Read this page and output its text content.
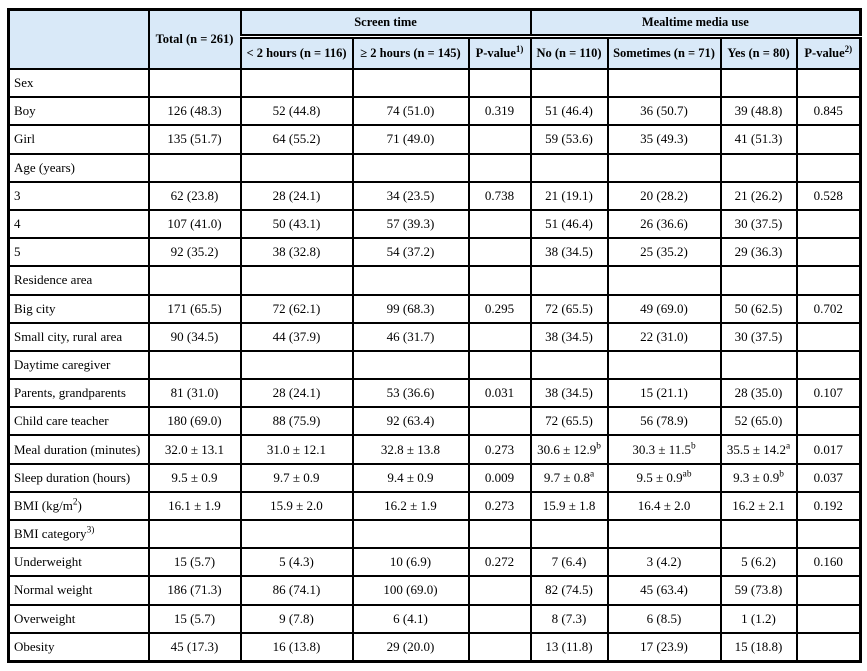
	Total (n = 261)	Screen time			Mealtime media use			
		< 2 hours (n = 116)	≥ 2 hours (n = 145)	P-value$^{1)}$	No (n = 110)	Sometimes (n = 71)	Yes (n = 80)	P-value$^{2)}$
Sex								
Boy	126 (48.3)	52 (44.8)	74 (51.0)	0.319	51 (46.4)	36 (50.7)	39 (48.8)	0.845
Girl	135 (51.7)	64 (55.2)	71 (49.0)		59 (53.6)	35 (49.3)	41 (51.3)	
Age (years)								
3	62 (23.8)	28 (24.1)	34 (23.5)	0.738	21 (19.1)	20 (28.2)	21 (26.2)	0.528
4	107 (41.0)	50 (43.1)	57 (39.3)		51 (46.4)	26 (36.6)	30 (37.5)	
5	92 (35.2)	38 (32.8)	54 (37.2)		38 (34.5)	25 (35.2)	29 (36.3)	
Residence area								
Big city	171 (65.5)	72 (62.1)	99 (68.3)	0.295	72 (65.5)	49 (69.0)	50 (62.5)	0.702
Small city, rural area	90 (34.5)	44 (37.9)	46 (31.7)		38 (34.5)	22 (31.0)	30 (37.5)	
Daytime caregiver								
Parents, grandparents	81 (31.0)	28 (24.1)	53 (36.6)	0.031	38 (34.5)	15 (21.1)	28 (35.0)	0.107
Child care teacher	180 (69.0)	88 (75.9)	92 (63.4)		72 (65.5)	56 (78.9)	52 (65.0)	
Meal duration (minutes)	32.0 ± 13.1	31.0 ± 12.1	32.8 ± 13.8	0.273	30.6 ± 12.9$^b$	30.3 ± 11.5$^b$	35.5 ± 14.2$^a$	0.017
Sleep duration (hours)	9.5 ± 0.9	9.7 ± 0.9	9.4 ± 0.9	0.009	9.7 ± 0.8$^a$	9.5 ± 0.9$^{ab}$	9.3 ± 0.9$^b$	0.037
BMI $(kg/m^2)$	16.1 ± 1.9	15.9 ± 2.0	16.2 ± 1.9	0.273	15.9 ± 1.8	16.4 ± 2.0	16.2 ± 2.1	0.192
BMI category$^{3)}$								
Underweight	15 (5.7)	5 (4.3)	10 (6.9)	0.272	7 (6.4)	3 (4.2)	5 (6.2)	0.160
Normal weight	186 (71.3)	86 (74.1)	100 (69.0)		82 (74.5)	45 (63.4)	59 (73.8)	
Overweight	15 (5.7)	9 (7.8)	6 (4.1)		8 (7.3)	6 (8.5)	1 (1.2)	
Obesity	45 (17.3)	16 (13.8)	29 (20.0)		13 (11.8)	17 (23.9)	15 (18.8)	
